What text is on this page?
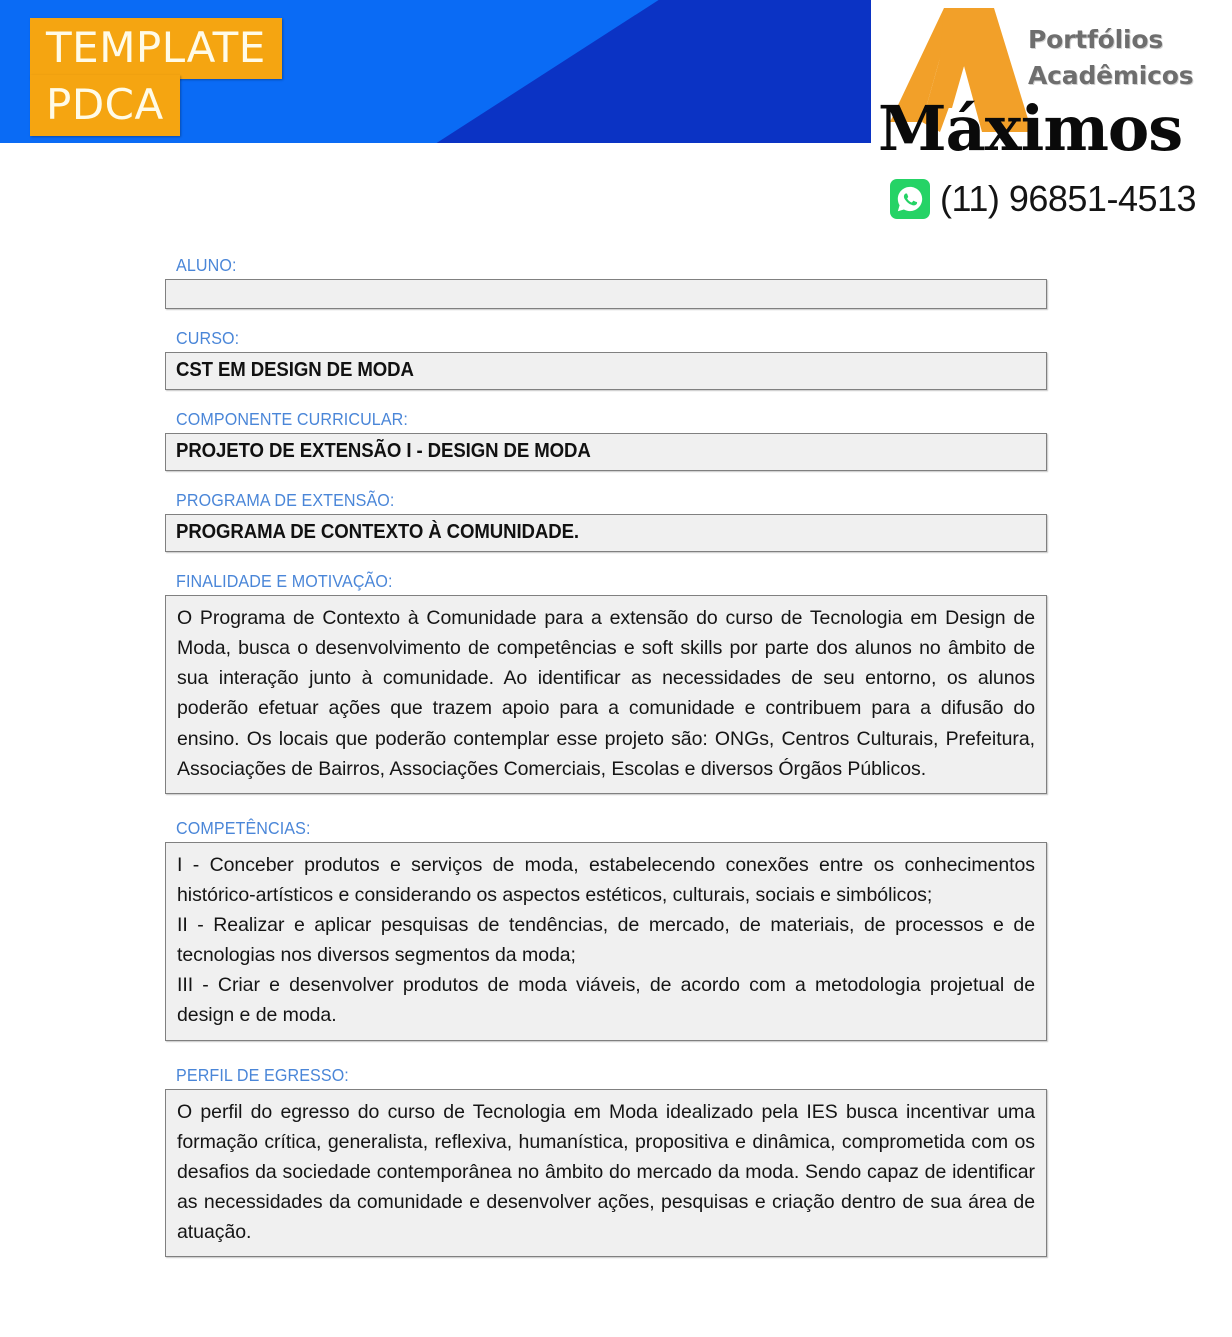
TEMPLATE
PDCA
Portfólios
Acadêmicos
Máximos
(11) 96851-4513
ALUNO:
CURSO:
CST EM DESIGN DE MODA
COMPONENTE CURRICULAR:
PROJETO DE EXTENSÃO I - DESIGN DE MODA
PROGRAMA DE EXTENSÃO:
PROGRAMA DE CONTEXTO À COMUNIDADE.
FINALIDADE E MOTIVAÇÃO:
O Programa de Contexto à Comunidade para a extensão do curso de Tecnologia em Design de Moda, busca o desenvolvimento de competências e soft skills por parte dos alunos no âmbito de sua interação junto à comunidade. Ao identificar as necessidades de seu entorno, os alunos poderão efetuar ações que trazem apoio para a comunidade e contribuem para a difusão do ensino. Os locais que poderão contemplar esse projeto são: ONGs, Centros Culturais, Prefeitura, Associações de Bairros, Associações Comerciais, Escolas e diversos Órgãos Públicos.
COMPETÊNCIAS:
I - Conceber produtos e serviços de moda, estabelecendo conexões entre os conhecimentos histórico-artísticos e considerando os aspectos estéticos, culturais, sociais e simbólicos;
II - Realizar e aplicar pesquisas de tendências, de mercado, de materiais, de processos e de tecnologias nos diversos segmentos da moda;
III - Criar e desenvolver produtos de moda viáveis, de acordo com a metodologia projetual de design e de moda.
PERFIL DE EGRESSO:
O perfil do egresso do curso de Tecnologia em Moda idealizado pela IES busca incentivar uma formação crítica, generalista, reflexiva, humanística, propositiva e dinâmica, comprometida com os desafios da sociedade contemporânea no âmbito do mercado da moda. Sendo capaz de identificar as necessidades da comunidade e desenvolver ações, pesquisas e criação dentro de sua área de atuação.
